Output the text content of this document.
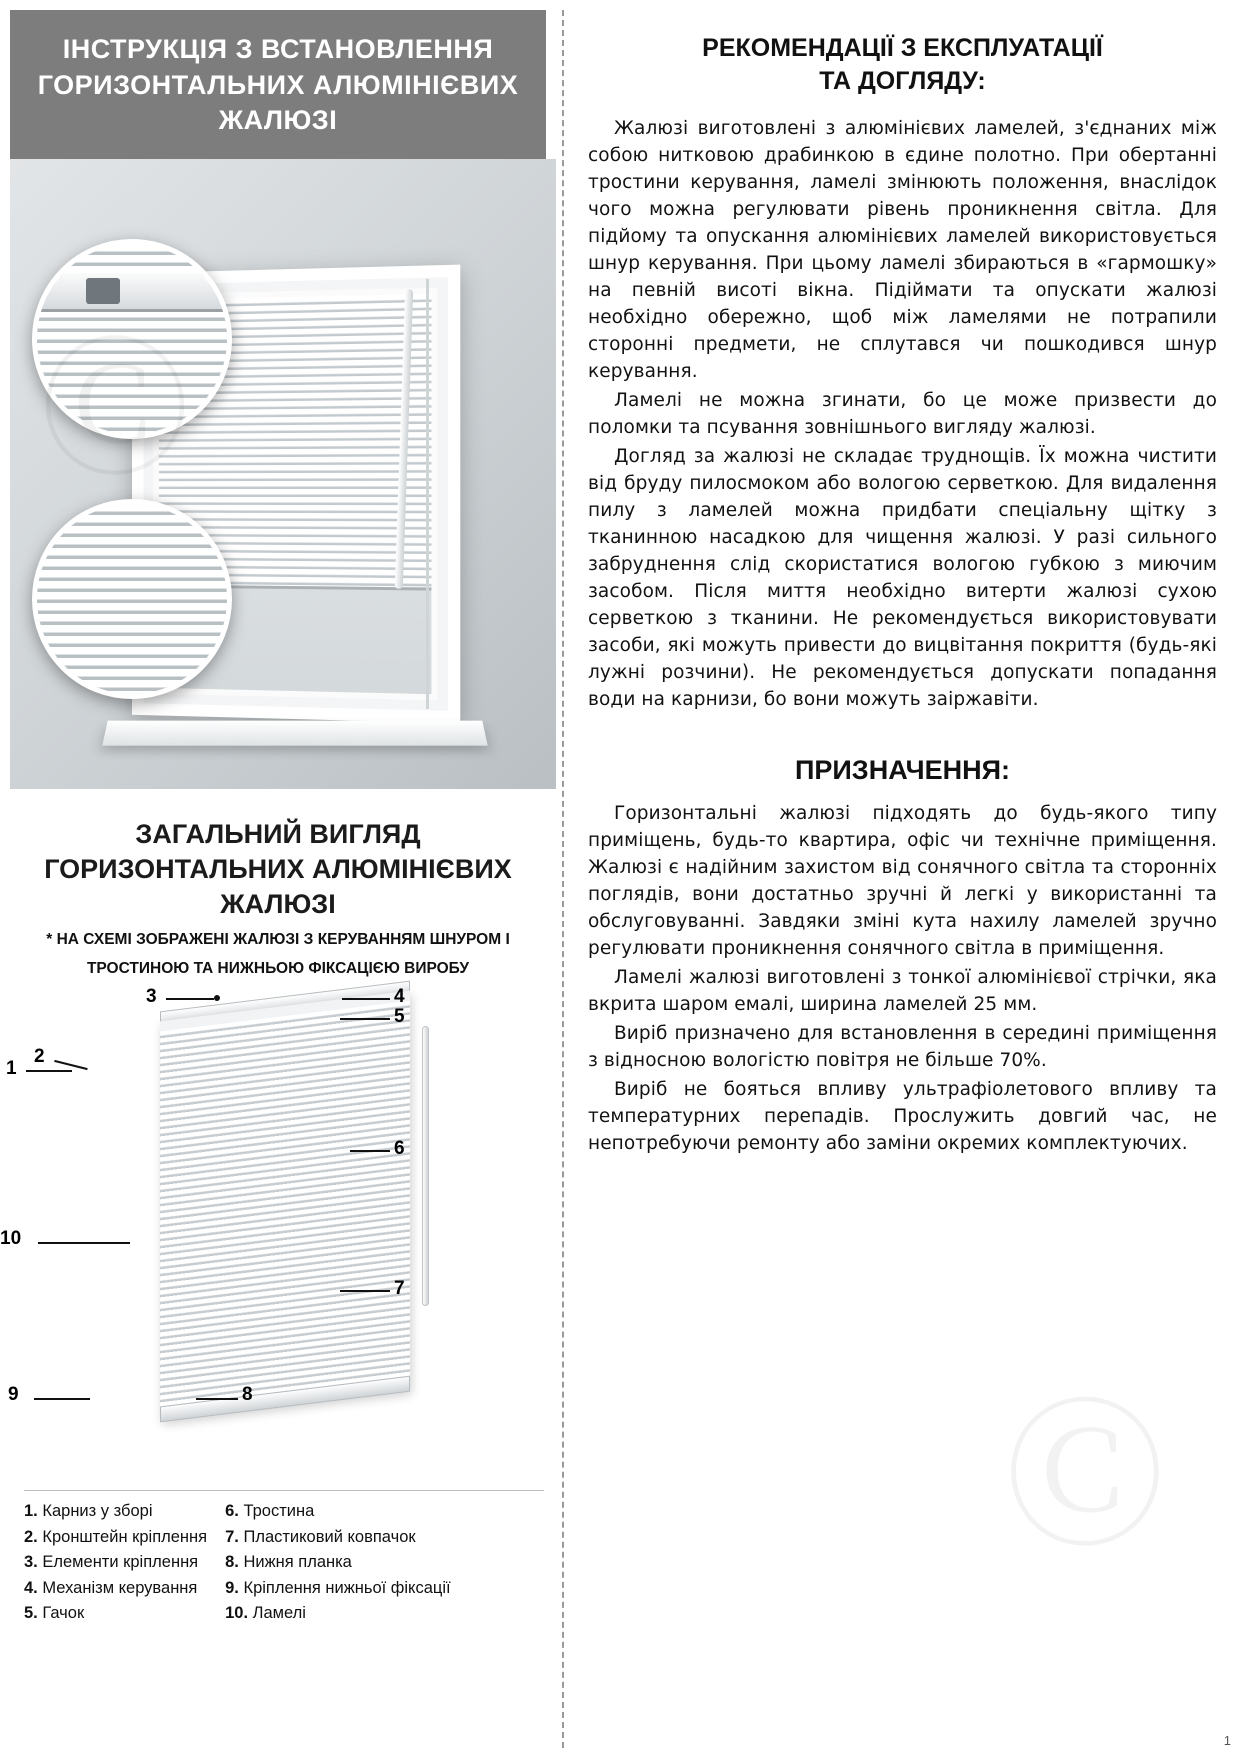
ІНСТРУКЦІЯ З ВСТАНОВЛЕННЯ
ГОРИЗОНТАЛЬНИХ АЛЮМІНІЄВИХ
ЖАЛЮЗІ
ЗАГАЛЬНИЙ ВИГЛЯД
ГОРИЗОНТАЛЬНИХ АЛЮМІНІЄВИХ
ЖАЛЮЗІ
* НА СХЕМІ ЗОБРАЖЕНІ ЖАЛЮЗІ З КЕРУВАННЯМ ШНУРОМ І
ТРОСТИНОЮ ТА НИЖНЬОЮ ФІКСАЦІЄЮ ВИРОБУ
3	4
5
1
2
6
10
7
9	8
1. Карниз у зборі
2. Кронштейн кріплення
3. Елементи кріплення
4. Механізм керування
5. Гачок
6. Тростина
7. Пластиковий ковпачок
8. Нижня планка
9. Кріплення нижньої фіксації
10. Ламелі
РЕКОМЕНДАЦІЇ З ЕКСПЛУАТАЦІЇ
ТА ДОГЛЯДУ:

Жалюзі виготовлені з алюмінієвих ламелей, з'єднаних між собою нитковою драбинкою в єдине полотно. При обертанні тростини керування, ламелі змінюють положення, внаслідок чого можна регулювати рівень проникнення світла. Для підйому та опускання алюмінієвих ламелей використовується шнур керування. При цьому ламелі збираються в «гармошку» на певній висоті вікна. Підіймати та опускати жалюзі необхідно обережно, щоб між ламелями не потрапили сторонні предмети, не сплутався чи пошкодився шнур керування.

Ламелі не можна згинати, бо це може призвести до поломки та псування зовнішнього вигляду жалюзі.

Догляд за жалюзі не складає труднощів. Їх можна чистити від бруду пилосмоком або вологою серветкою. Для видалення пилу з ламелей можна придбати спеціальну щітку з тканинною насадкою для чищення жалюзі. У разі сильного забруднення слід скористатися вологою губкою з миючим засобом. Після миття необхідно витерти жалюзі сухою серветкою з тканини. Не рекомендується використовувати засоби, які можуть привести до вицвітання покриття (будь-які лужні розчини). Не рекомендується допускати попадання води на карнизи, бо вони можуть заіржавіти.

ПРИЗНАЧЕННЯ:

Горизонтальні жалюзі підходять до будь-якого типу приміщень, будь-то квартира, офіс чи технічне приміщення. Жалюзі є надійним захистом від сонячного світла та сторонніх поглядів, вони достатньо зручні й легкі у використанні та обслуговуванні. Завдяки зміні кута нахилу ламелей зручно регулювати проникнення сонячного світла в приміщення.

Ламелі жалюзі виготовлені з тонкої алюмінієвої стрічки, яка вкрита шаром емалі, ширина ламелей 25 мм.

Виріб призначено для встановлення в середині приміщення з відносною вологістю повітря не більше 70%.

Виріб не бояться впливу ультрафіолетового впливу та температурних перепадів. Прослужить довгий час, не непотребуючи ремонту або заміни окремих комплектуючих.

Ⓒ
1
